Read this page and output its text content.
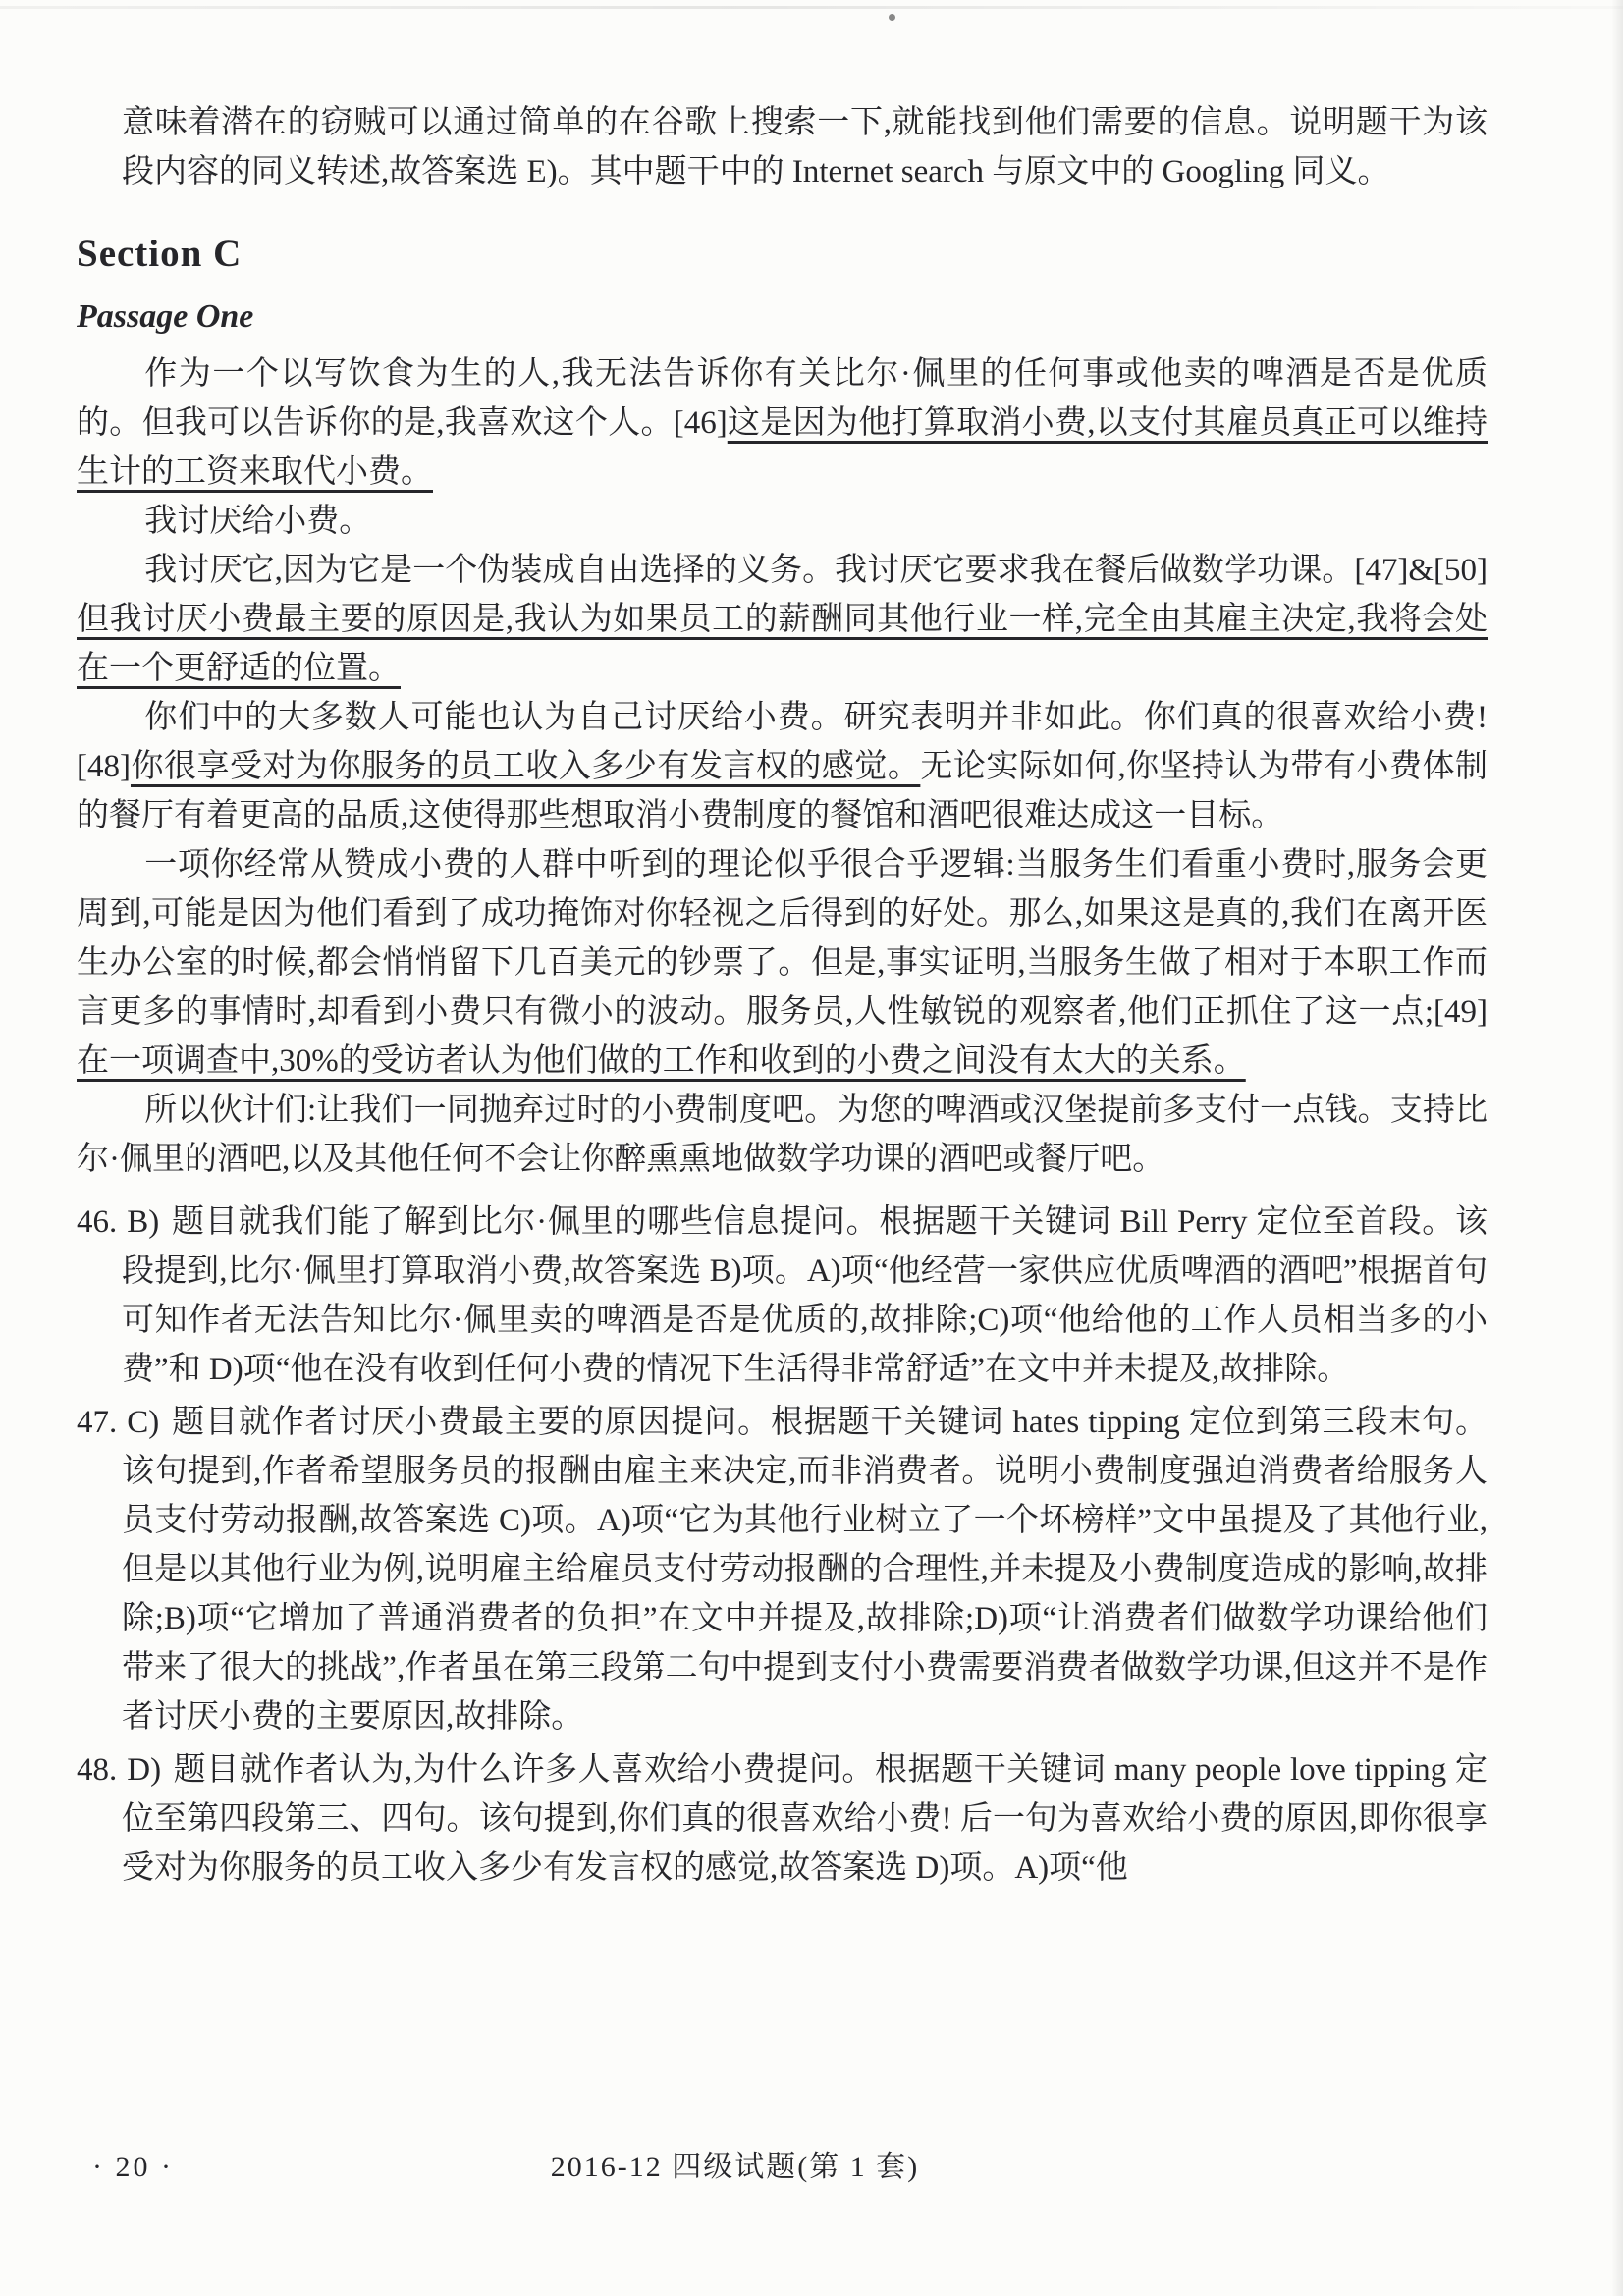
意味着潜在的窃贼可以通过简单的在谷歌上搜索一下,就能找到他们需要的信息。说明题干为该段内容的同义转述,故答案选 E)。其中题干中的 Internet search 与原文中的 Googling 同义。

Section C
Passage One

作为一个以写饮食为生的人,我无法告诉你有关比尔·佩里的任何事或他卖的啤酒是否是优质的。但我可以告诉你的是,我喜欢这个人。[46]这是因为他打算取消小费,以支付其雇员真正可以维持生计的工资来取代小费。

我讨厌给小费。

我讨厌它,因为它是一个伪装成自由选择的义务。我讨厌它要求我在餐后做数学功课。[47]&[50]但我讨厌小费最主要的原因是,我认为如果员工的薪酬同其他行业一样,完全由其雇主决定,我将会处在一个更舒适的位置。

你们中的大多数人可能也认为自己讨厌给小费。研究表明并非如此。你们真的很喜欢给小费![48]你很享受对为你服务的员工收入多少有发言权的感觉。无论实际如何,你坚持认为带有小费体制的餐厅有着更高的品质,这使得那些想取消小费制度的餐馆和酒吧很难达成这一目标。

一项你经常从赞成小费的人群中听到的理论似乎很合乎逻辑:当服务生们看重小费时,服务会更周到,可能是因为他们看到了成功掩饰对你轻视之后得到的好处。那么,如果这是真的,我们在离开医生办公室的时候,都会悄悄留下几百美元的钞票了。但是,事实证明,当服务生做了相对于本职工作而言更多的事情时,却看到小费只有微小的波动。服务员,人性敏锐的观察者,他们正抓住了这一点;[49]在一项调查中,30%的受访者认为他们做的工作和收到的小费之间没有太大的关系。

所以伙计们:让我们一同抛弃过时的小费制度吧。为您的啤酒或汉堡提前多支付一点钱。支持比尔·佩里的酒吧,以及其他任何不会让你醉熏熏地做数学功课的酒吧或餐厅吧。

46. B) 题目就我们能了解到比尔·佩里的哪些信息提问。根据题干关键词 Bill Perry 定位至首段。该段提到,比尔·佩里打算取消小费,故答案选 B)项。A)项“他经营一家供应优质啤酒的酒吧”根据首句可知作者无法告知比尔·佩里卖的啤酒是否是优质的,故排除;C)项“他给他的工作人员相当多的小费”和 D)项“他在没有收到任何小费的情况下生活得非常舒适”在文中并未提及,故排除。

47. C) 题目就作者讨厌小费最主要的原因提问。根据题干关键词 hates tipping 定位到第三段末句。该句提到,作者希望服务员的报酬由雇主来决定,而非消费者。说明小费制度强迫消费者给服务人员支付劳动报酬,故答案选 C)项。A)项“它为其他行业树立了一个坏榜样”文中虽提及了其他行业,但是以其他行业为例,说明雇主给雇员支付劳动报酬的合理性,并未提及小费制度造成的影响,故排除;B)项“它增加了普通消费者的负担”在文中并提及,故排除;D)项“让消费者们做数学功课给他们带来了很大的挑战”,作者虽在第三段第二句中提到支付小费需要消费者做数学功课,但这并不是作者讨厌小费的主要原因,故排除。

48. D) 题目就作者认为,为什么许多人喜欢给小费提问。根据题干关键词 many people love tipping 定位至第四段第三、四句。该句提到,你们真的很喜欢给小费! 后一句为喜欢给小费的原因,即你很享受对为你服务的员工收入多少有发言权的感觉,故答案选 D)项。A)项“他

· 20 ·	2016-12 四级试题(第 1 套)
